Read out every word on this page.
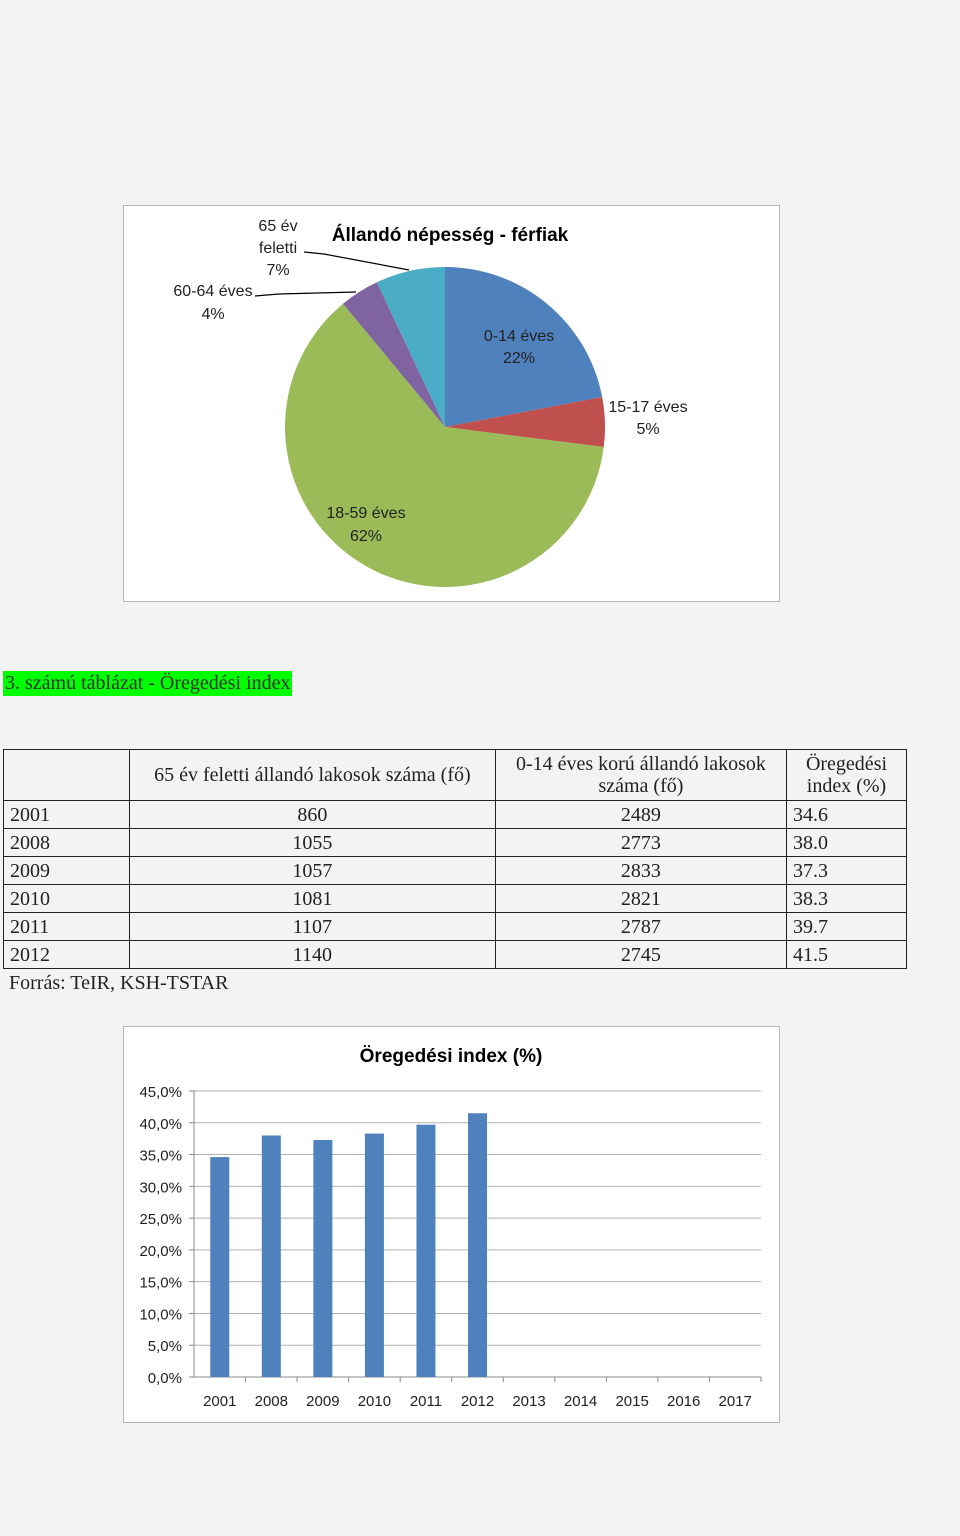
Állandó népesség - férfiak
0-14 éves
22%
15-17 éves
5%
18-59 éves
62%
60-64 éves
4%
65 év
feletti
7%
3. számú táblázat - Öregedési index
	65 év feletti állandó lakosok száma (fő)	0-14 éves korú állandó lakosok száma (fő)	Öregedési index (%)
2001	860	2489	34.6
2008	1055	2773	38.0
2009	1057	2833	37.3
2010	1081	2821	38.3
2011	1107	2787	39.7
2012	1140	2745	41.5
Forrás: TeIR, KSH-TSTAR
Öregedési index (%)
0,0%
5,0%
10,0%
15,0%
20,0%
25,0%
30,0%
35,0%
40,0%
45,0%
2001 2008 2009 2010 2011 2012 2013 2014 2015 2016 2017
